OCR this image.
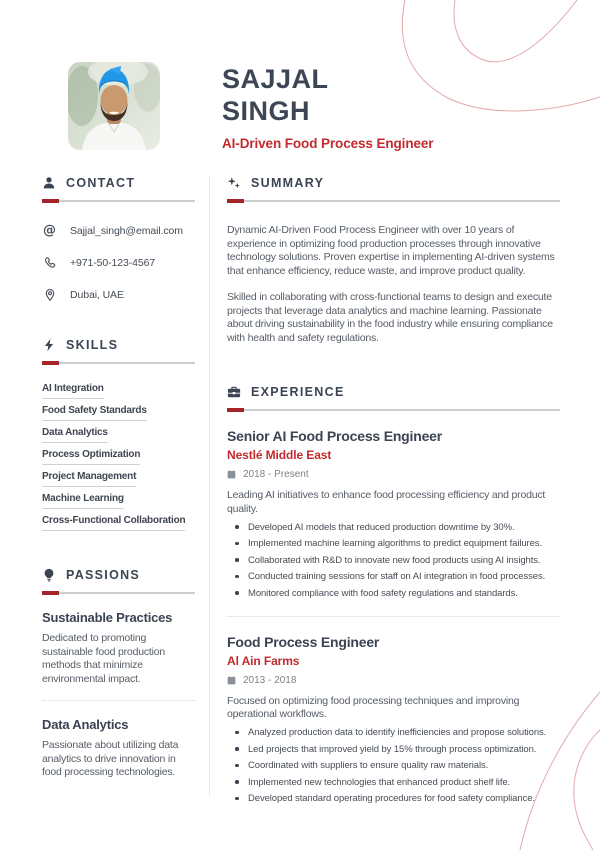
SAJJAL
SINGH
AI-Driven Food Process Engineer
CONTACT
@ Sajjal_singh@email.com
+971-50-123-4567
Dubai, UAE
SKILLS
AI Integration
Food Safety Standards
Data Analytics
Process Optimization
Project Management
Machine Learning
Cross-Functional Collaboration
PASSIONS
Sustainable Practices
Dedicated to promoting sustainable food production methods that minimize environmental impact.
Data Analytics
Passionate about utilizing data analytics to drive innovation in food processing technologies.
SUMMARY

Dynamic AI-Driven Food Process Engineer with over 10 years of experience in optimizing food production processes through innovative technology solutions. Proven expertise in implementing AI-driven systems that enhance efficiency, reduce waste, and improve product quality.

Skilled in collaborating with cross-functional teams to design and execute projects that leverage data analytics and machine learning. Passionate about driving sustainability in the food industry while ensuring compliance with health and safety regulations.

EXPERIENCE
Senior AI Food Process Engineer
Nestlé Middle East
2018 - Present

Leading AI initiatives to enhance food processing efficiency and product quality.

Developed AI models that reduced production downtime by 30%.
Implemented machine learning algorithms to predict equipment failures.
Collaborated with R&D to innovate new food products using AI insights.
Conducted training sessions for staff on AI integration in food processes.
Monitored compliance with food safety regulations and standards.
Food Process Engineer
Al Ain Farms
2013 - 2018

Focused on optimizing food processing techniques and improving operational workflows.

Analyzed production data to identify inefficiencies and propose solutions.
Led projects that improved yield by 15% through process optimization.
Coordinated with suppliers to ensure quality raw materials.
Implemented new technologies that enhanced product shelf life.
Developed standard operating procedures for food safety compliance.
